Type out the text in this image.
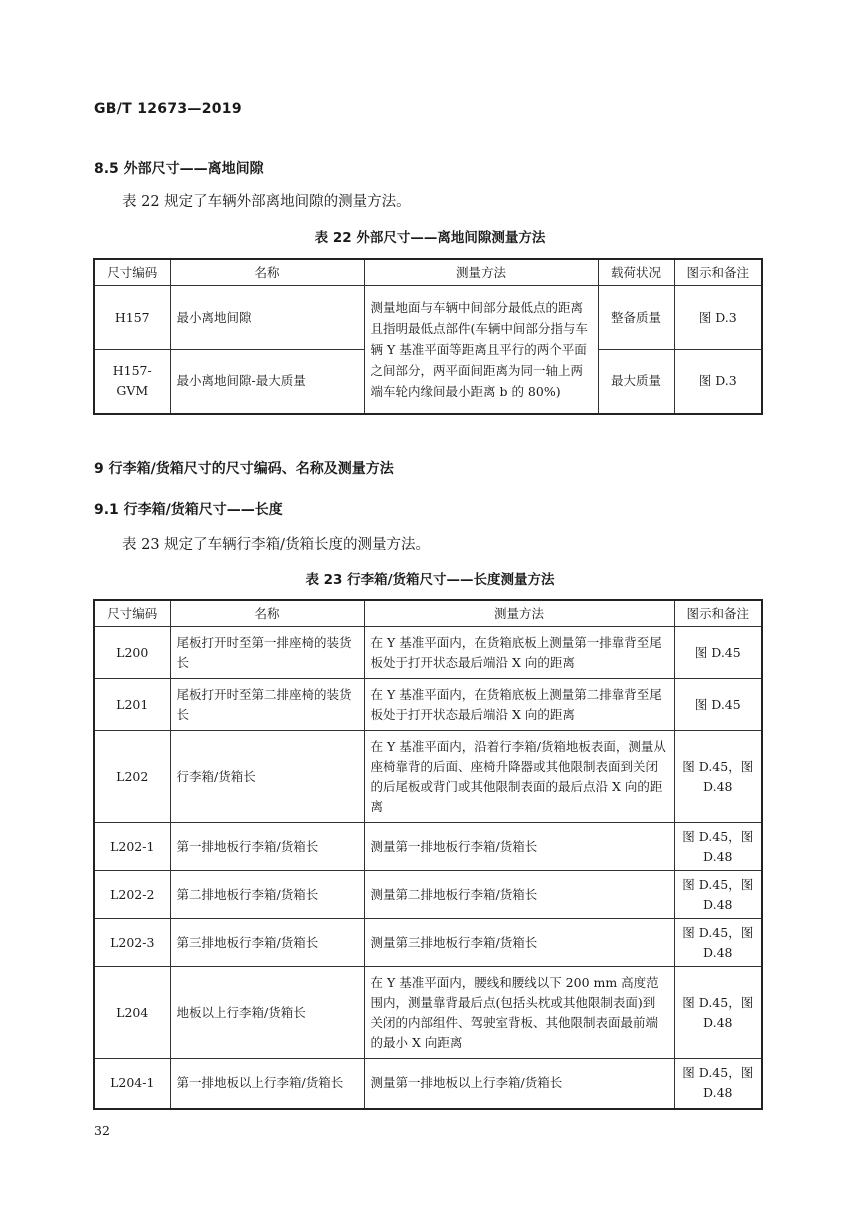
GB/T 12673—2019
8.5 外部尺寸——离地间隙
表 22 规定了车辆外部离地间隙的测量方法。
表 22 外部尺寸——离地间隙测量方法
尺寸编码	名称	测量方法	载荷状况	图示和备注
H157	最小离地间隙	测量地面与车辆中间部分最低点的距离且指明最低点部件(车辆中间部分指与车辆 Y 基准平面等距离且平行的两个平面之间部分，两平面间距离为同一轴上两端车轮内缘间最小距离 b 的 80%)	整备质量	图 D.3
H157-GVM	最小离地间隙-最大质量		最大质量	图 D.3
9 行李箱/货箱尺寸的尺寸编码、名称及测量方法
9.1 行李箱/货箱尺寸——长度
表 23 规定了车辆行李箱/货箱长度的测量方法。
表 23 行李箱/货箱尺寸——长度测量方法
尺寸编码	名称	测量方法	图示和备注
L200	尾板打开时至第一排座椅的装货长	在 Y 基准平面内，在货箱底板上测量第一排靠背至尾板处于打开状态最后端沿 X 向的距离	图 D.45
L201	尾板打开时至第二排座椅的装货长	在 Y 基准平面内，在货箱底板上测量第二排靠背至尾板处于打开状态最后端沿 X 向的距离	图 D.45
L202	行李箱/货箱长	在 Y 基准平面内，沿着行李箱/货箱地板表面，测量从座椅靠背的后面、座椅升降器或其他限制表面到关闭的后尾板或背门或其他限制表面的最后点沿 X 向的距离	图 D.45，图 D.48
L202-1	第一排地板行李箱/货箱长	测量第一排地板行李箱/货箱长	图 D.45，图 D.48
L202-2	第二排地板行李箱/货箱长	测量第二排地板行李箱/货箱长	图 D.45，图 D.48
L202-3	第三排地板行李箱/货箱长	测量第三排地板行李箱/货箱长	图 D.45，图 D.48
L204	地板以上行李箱/货箱长	在 Y 基准平面内，腰线和腰线以下 200 mm 高度范围内，测量靠背最后点(包括头枕或其他限制表面)到关闭的内部组件、驾驶室背板、其他限制表面最前端的最小 X 向距离	图 D.45，图 D.48
L204-1	第一排地板以上行李箱/货箱长	测量第一排地板以上行李箱/货箱长	图 D.45，图 D.48
32
